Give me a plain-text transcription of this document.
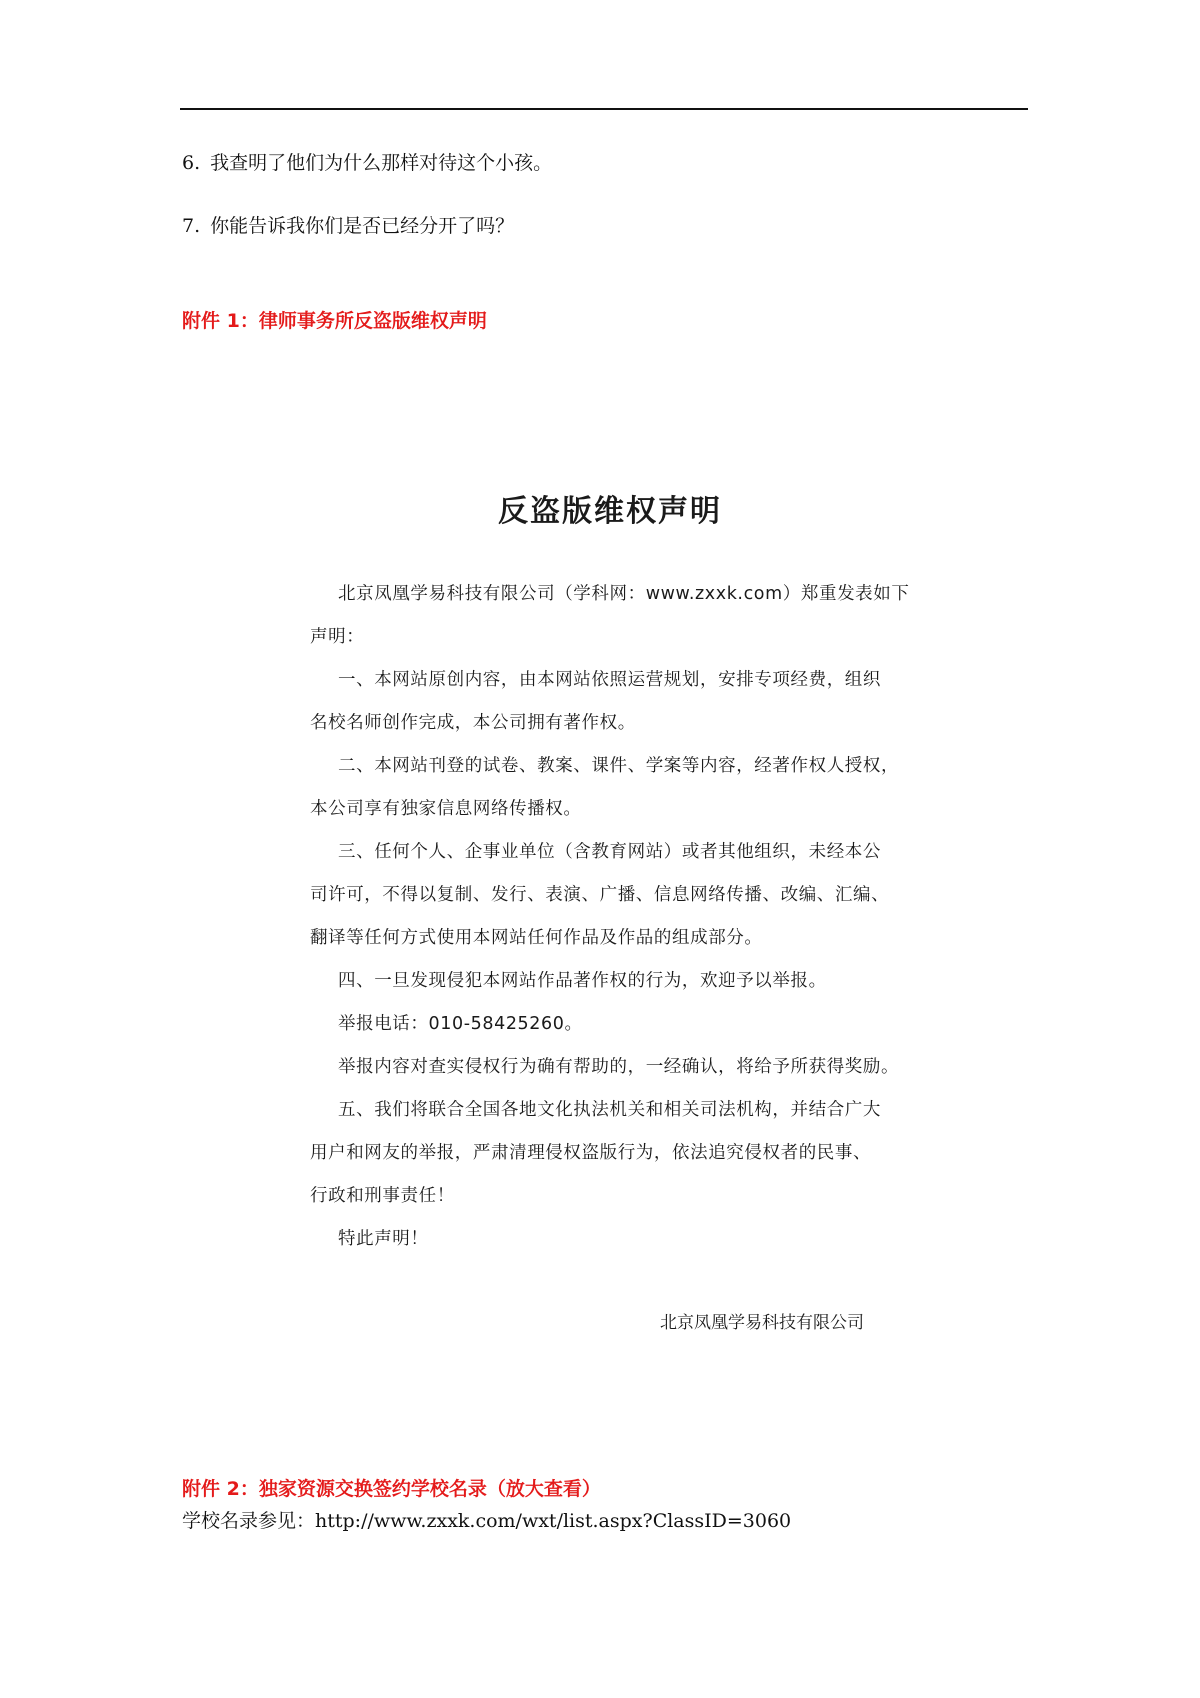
6. 我查明了他们为什么那样对待这个小孩。
7. 你能告诉我你们是否已经分开了吗？
附件 1：律师事务所反盗版维权声明
反盗版维权声明
北京凤凰学易科技有限公司（学科网：www.zxxk.com）郑重发表如下
声明：
一、本网站原创内容，由本网站依照运营规划，安排专项经费，组织
名校名师创作完成，本公司拥有著作权。
二、本网站刊登的试卷、教案、课件、学案等内容，经著作权人授权，
本公司享有独家信息网络传播权。
三、任何个人、企事业单位（含教育网站）或者其他组织，未经本公
司许可，不得以复制、发行、表演、广播、信息网络传播、改编、汇编、
翻译等任何方式使用本网站任何作品及作品的组成部分。
四、一旦发现侵犯本网站作品著作权的行为，欢迎予以举报。
举报电话：010-58425260。
举报内容对查实侵权行为确有帮助的，一经确认，将给予所获得奖励。
五、我们将联合全国各地文化执法机关和相关司法机构，并结合广大
用户和网友的举报，严肃清理侵权盗版行为，依法追究侵权者的民事、
行政和刑事责任！
特此声明！
北京凤凰学易科技有限公司
附件 2：独家资源交换签约学校名录（放大查看）
学校名录参见：http://www.zxxk.com/wxt/list.aspx?ClassID=3060
